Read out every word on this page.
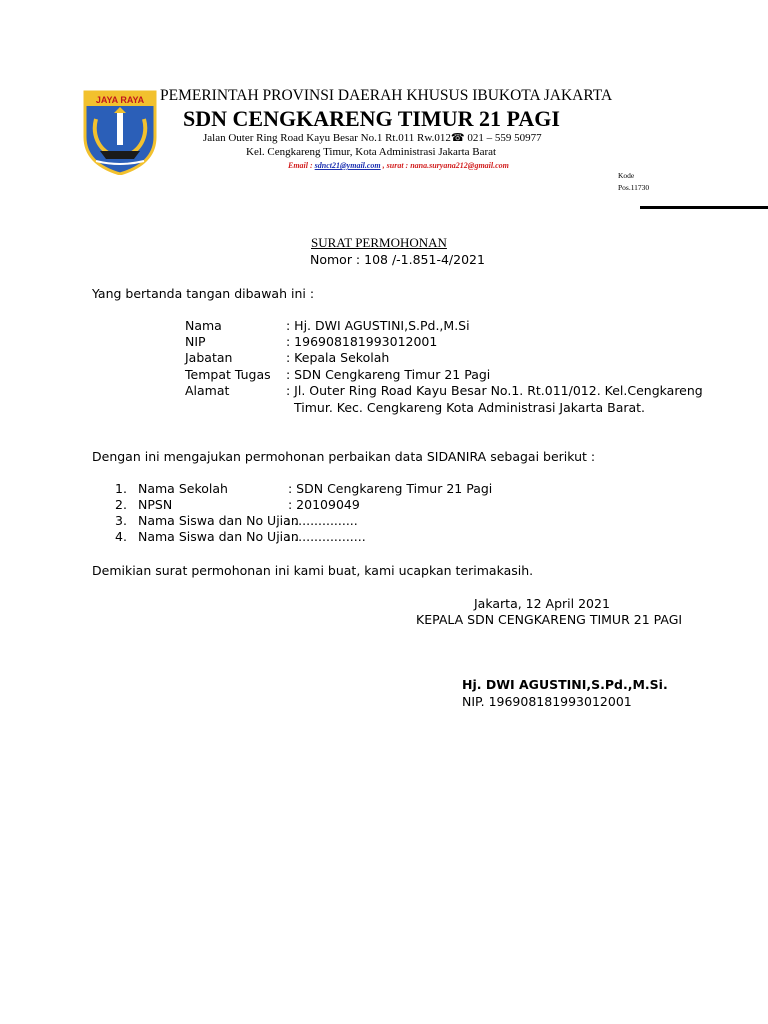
JAYA RAYA PEMERINTAH PROVINSI DAERAH KHUSUS IBUKOTA JAKARTA
SDN CENGKARENG TIMUR 21 PAGI
Jalan Outer Ring Road Kayu Besar No.1 Rt.011 Rw.012☎ 021 – 559 50977
Kel. Cengkareng Timur, Kota Administrasi Jakarta Barat
Email : sdnct21@ymail.com , surat : nana.suryana212@gmail.com
Kode
Pos.11730
SURAT PERMOHONAN
Nomor : 108 /-1.851-4/2021
Yang bertanda tangan dibawah ini :
Nama	: Hj. DWI AGUSTINI,S.Pd.,M.Si
NIP	: 196908181993012001
Jabatan	: Kepala Sekolah
Tempat Tugas : SDN Cengkareng Timur 21 Pagi
Alamat	: Jl. Outer Ring Road Kayu Besar No.1. Rt.011/012. Kel.Cengkareng
Timur. Kec. Cengkareng Kota Administrasi Jakarta Barat.
Dengan ini mengajukan permohonan perbaikan data SIDANIRA sebagai berikut :
1. Nama Sekolah	: SDN Cengkareng Timur 21 Pagi
2. NPSN	: 20109049
3. Nama Siswa dan No Ujian
: ................
4. Nama Siswa dan No Ujian
: ..................
Demikian surat permohonan ini kami buat, kami ucapkan terimakasih.
Jakarta, 12 April 2021
KEPALA SDN CENGKARENG TIMUR 21 PAGI
Hj. DWI AGUSTINI,S.Pd.,M.Si.
NIP. 196908181993012001
